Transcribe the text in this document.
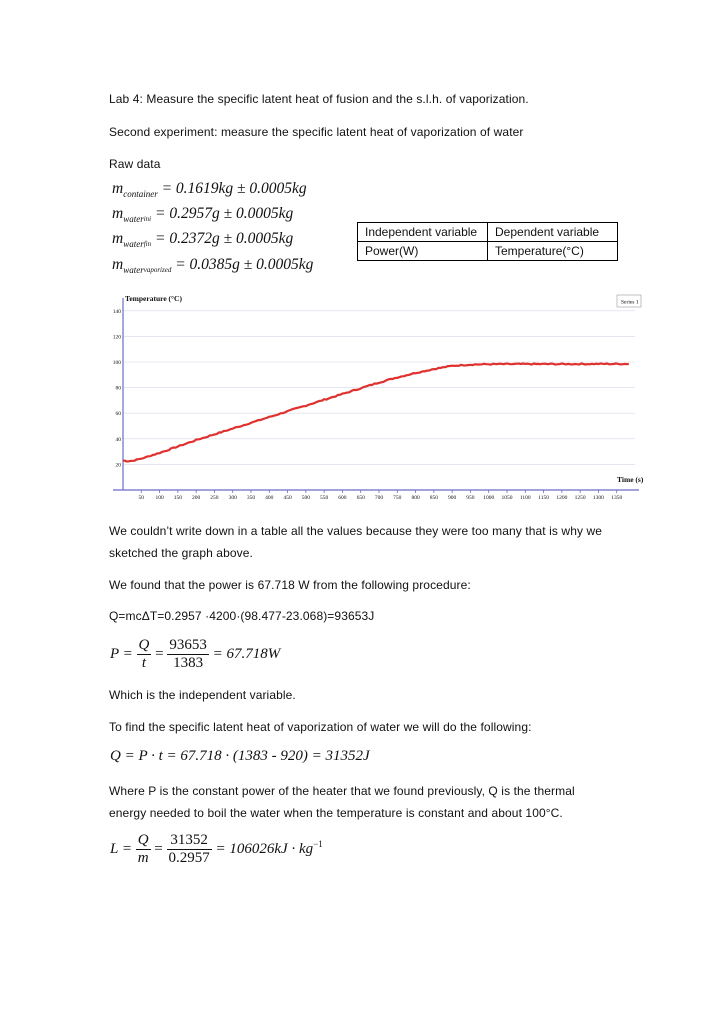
Lab 4: Measure the specific latent heat of fusion and the s.l.h. of vaporization.
Second experiment: measure the specific latent heat of vaporization of water
Raw data
$m_{container} = 0.1619kg \pm 0.0005kg$
$m_{water}ini = 0.2957g \pm 0.0005kg$
$m_{water}fin = 0.2372g \pm 0.0005kg$
$m_{water}vaporized = 0.0385g \pm 0.0005kg$
Independent variable	Dependent variable
Power(W)	Temperature(°C)
20
40
60
80
100
120
140
50 100 150 200 250 300 350 400 450 500 550 600 650 700 750 800 850 900 950 1000 1050 1100 1150 1200 1250 1300 1350
Temperature (°C)
Time (s)
Series 1
We couldn’t write down in a table all the values because they were too many that is why we
sketched the graph above.
We found that the power is 67.718 W from the following procedure:
Q=mcΔT=0.2957 ·4200·(98.477-23.068)=93653J
$P = \frac{Q}{t} = \frac{93653}{1383} = 67.718W$
Which is the independent variable.
To find the specific latent heat of vaporization of water we will do the following:
Q = P · t = 67.718 · (1383 - 920) = 31352J
Where P is the constant power of the heater that we found previously, Q is the thermal
energy needed to boil the water when the temperature is constant and about 100°C.
$L = \frac{Q}{m} = \frac{31352}{0.2957} = 106026kJ \cdot kg^{-1}$
